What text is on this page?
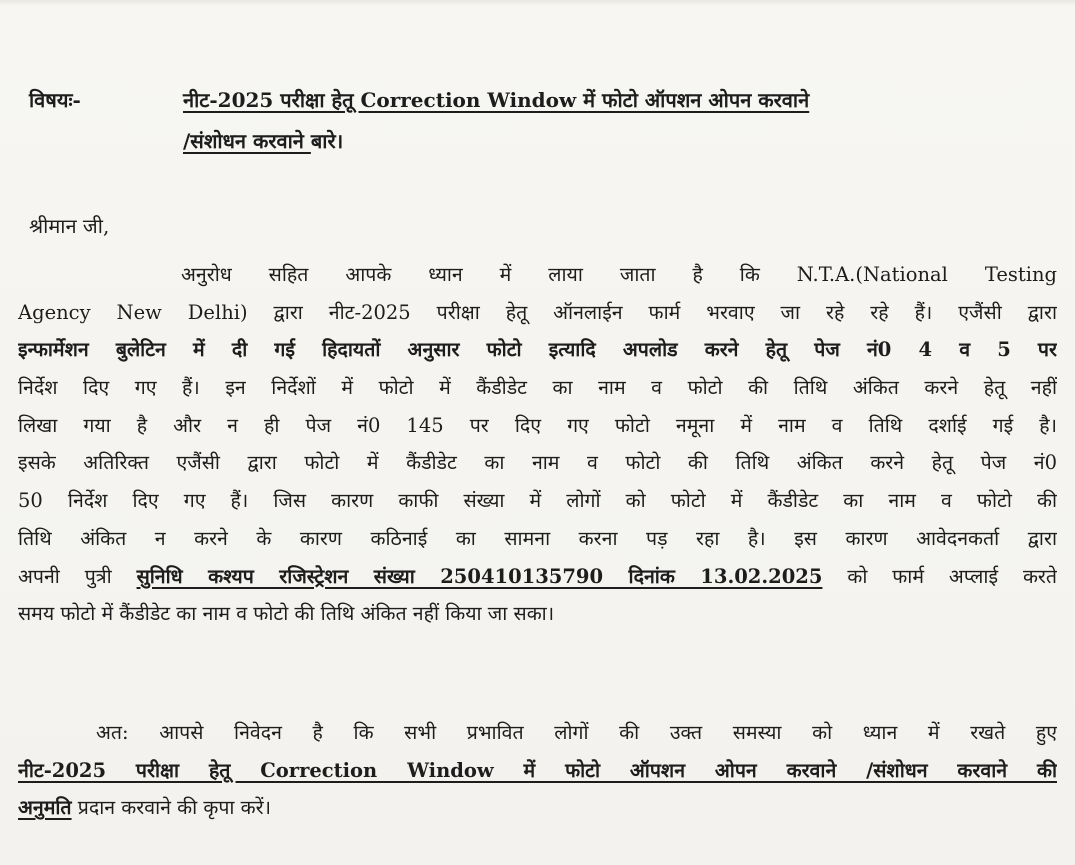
विषयः-	नीट-2025 परीक्षा हेतू Correction Window में फोटो ऑपशन ओपन करवाने
/संशोधन करवाने बारे।
श्रीमान जी,
अनुरोध सहित आपके ध्यान में लाया जाता है कि N.T.A.(National Testing
Agency New Delhi) द्वारा नीट-2025 परीक्षा हेतू ऑनलाईन फार्म भरवाए जा रहे रहे हैं। एजैंसी द्वारा
इन्फार्मेशन बुलेटिन में दी गई हिदायतों अनुसार फोटो इत्यादि अपलोड करने हेतू पेज नं0 4 व 5 पर
निर्देश दिए गए हैं। इन निर्देशों में फोटो में कैंडीडेट का नाम व फोटो की तिथि अंकित करने हेतू नहीं
लिखा गया है और न ही पेज नं0 145 पर दिए गए फोटो नमूना में नाम व तिथि दर्शाई गई है।
इसके अतिरिक्त एजैंसी द्वारा फोटो में कैंडीडेट का नाम व फोटो की तिथि अंकित करने हेतू पेज नं0
50 निर्देश दिए गए हैं। जिस कारण काफी संख्या में लोगों को फोटो में कैंडीडेट का नाम व फोटो की
तिथि अंकित न करने के कारण कठिनाई का सामना करना पड़ रहा है। इस कारण आवेदनकर्ता द्वारा
अपनी पुत्री सुनिधि कश्यप रजिस्ट्रेशन संख्या 250410135790 दिनांक 13.02.2025 को फार्म अप्लाई करते
समय फोटो में कैंडीडेट का नाम व फोटो की तिथि अंकित नहीं किया जा सका।
अत: आपसे निवेदन है कि सभी प्रभावित लोगों की उक्त समस्या को ध्यान में रखते हुए
नीट-2025 परीक्षा हेतू Correction Window में फोटो ऑपशन ओपन करवाने /संशोधन करवाने की
अनुमति प्रदान करवाने की कृपा करें।
